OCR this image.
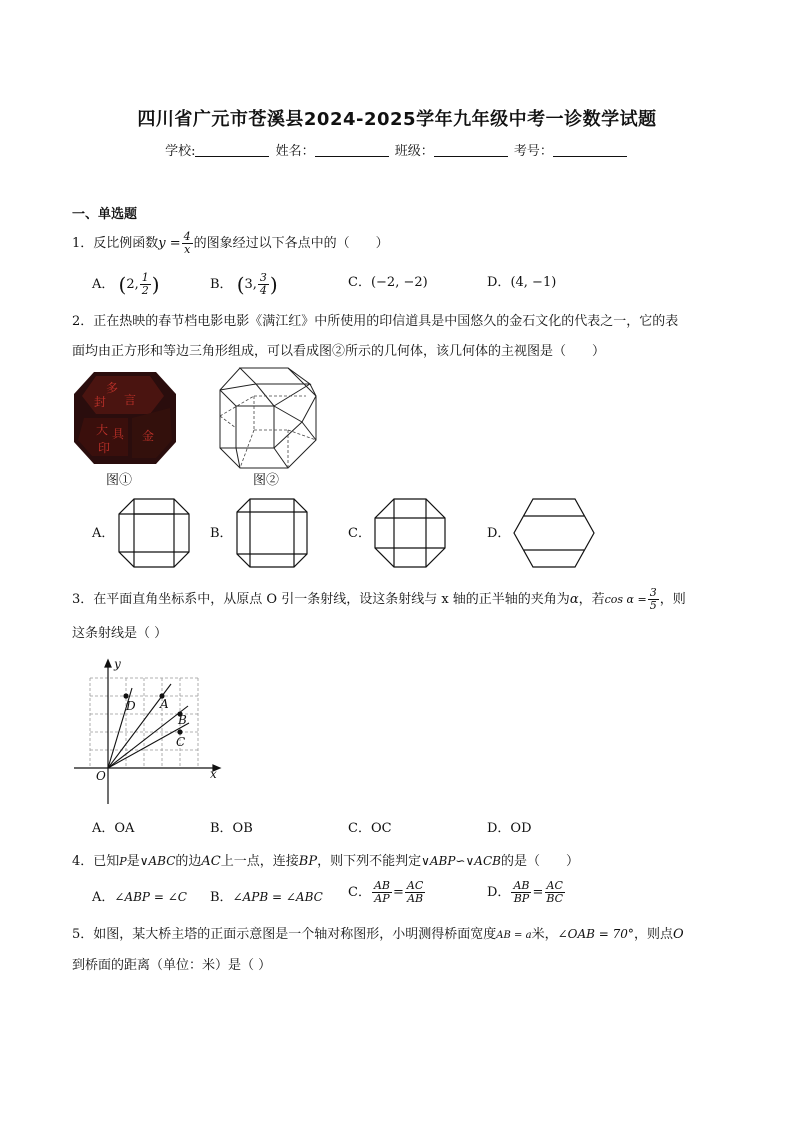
四川省广元市苍溪县2024-2025学年九年级中考一诊数学试题
学校:	姓名：	班级：	考号：
一、单选题
1．反比例函数$y = \frac{4}{x}$ 的图象经过以下各点中的（　　）
A． (2, $\frac{1}{2}$ )	B． (3, $\frac{3}{4}$ )	C．(−2, −2)	D．(4, −1)
2．正在热映的春节档电影电影《满江红》中所使用的印信道具是中国悠久的金石文化的代表之一，它的表
面均由正方形和等边三角形组成，可以看成图②所示的几何体，该几何体的主视图是（　　）
多
言
封
大 具
印
金
图①	图②
A．	B．	C．	D．
3．在平面直角坐标系中，从原点 O 引一条射线，设这条射线与 x 轴的正半轴的夹角为α，若$\cos \alpha = \frac{3}{5}$ ，则
这条射线是（ ）
y
x
O
A
B
C
D
A．OA	B．OB	C．OC	D．OD
4．已知P是∨ABC的边AC上一点，连接BP，则下列不能判定∨ABP∽∨ACB的是（　　）
A．∠ABP = ∠C B．∠APB = ∠ABC C． $\frac{AB}{AP} = \frac{AC}{AB}$	D． $\frac{AB}{BP} = \frac{AC}{BC}$
5．如图，某大桥主塔的正面示意图是一个轴对称图形，小明测得桥面宽度AB = a米，∠OAB = 70°，则点O
到桥面的距离（单位：米）是（ ）
